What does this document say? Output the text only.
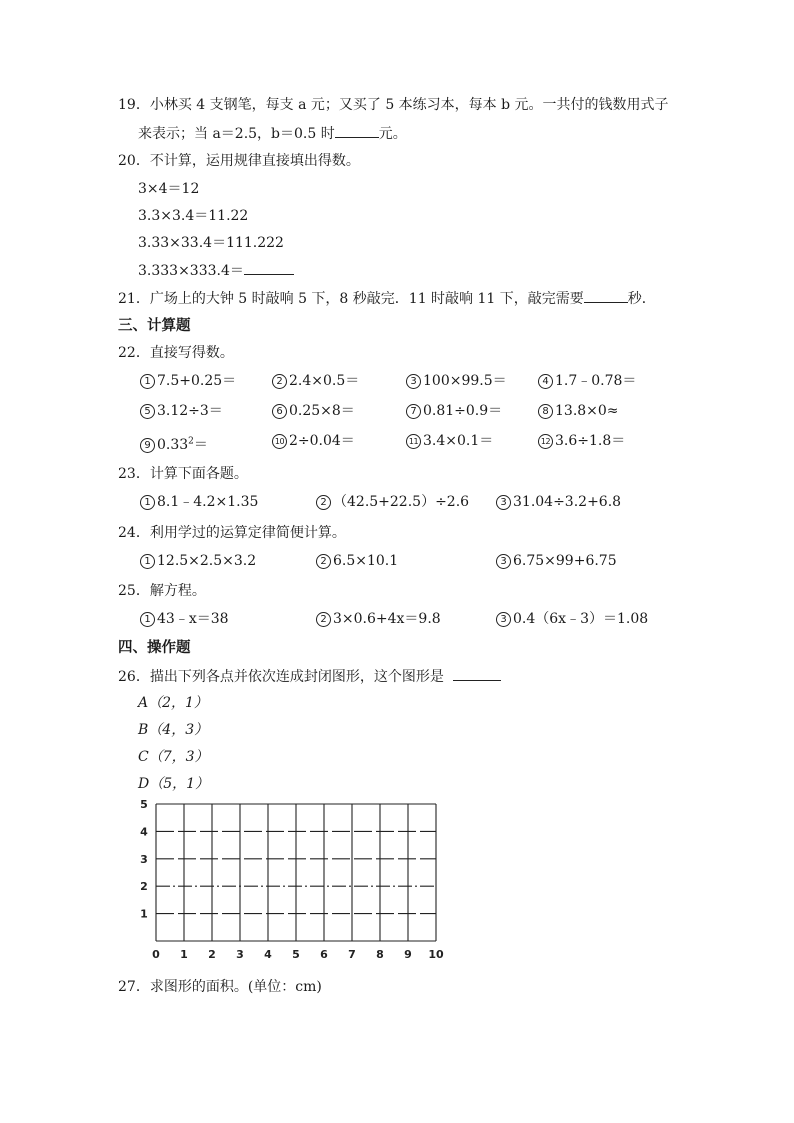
19．小林买 4 支钢笔，每支 a 元；又买了 5 本练习本，每本 b 元。一共付的钱数用式子
来表示；当 a＝2.5，b＝0.5 时	元。
20．不计算，运用规律直接填出得数。
3×4＝12
3.3×3.4＝11.22
3.33×33.4＝111.222
3.333×333.4＝
21．广场上的大钟 5 时敲响 5 下，8 秒敲完．11 时敲响 11 下，敲完需要	秒．
三、计算题
22．直接写得数。
1 7.5+0.25＝	2 2.4×0.5＝	3 100×99.5＝	4 1.7﹣0.78＝
5 3.12÷3＝	6 0.25×8＝	7 0.81÷0.9＝	8 13.8×0≈
9 $0.33^2=$	10 2÷0.04＝	11 3.4×0.1＝	12 3.6÷1.8＝
23．计算下面各题。
1 8.1﹣4.2×1.35	2 （42.5+22.5）÷2.6	3 31.04÷3.2+6.8
24．利用学过的运算定律简便计算。
1 12.5×2.5×3.2	2 6.5×10.1	3 6.75×99+6.75
25．解方程。
1 43﹣x＝38	2 3×0.6+4x＝9.8	3 0.4（6x﹣3）＝1.08
四、操作题
26．描出下列各点并依次连成封闭图形，这个图形是
A（2，1）
B（4，3）
C（7，3）
D（5，1）
0 1 2 3 4 5 6 7 8 9 10
1
2
3
4
5
27．求图形的面积。(单位：cm)
